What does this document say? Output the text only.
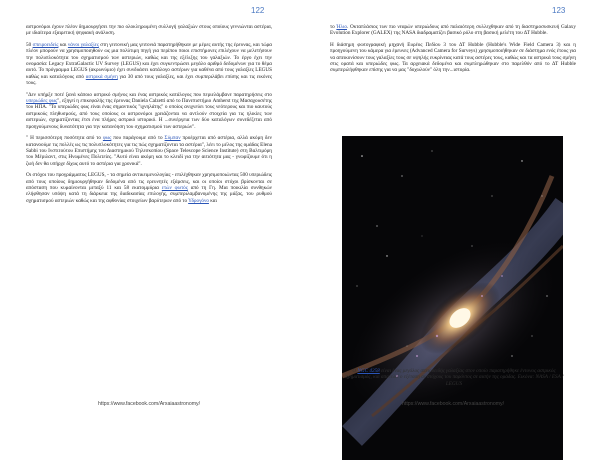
122	123

αστρονόμοι έχουν πλέον δημιουργήσει την πιο ολοκληρωμένη συλλογή γαλαξιών στους οποίους γεννιώνται αστέρια, με ιδιαίτερα εξαιρετική ψηφιακή ανάλυση.

50 σπειροειδείς και νάνοι γαλαξίες στη γειτονική μας γειτονιά παρατηρήθηκαν με μέρες αυτής της έρευνας, και τώρα πλέον μπορούν να χρησιμοποιηθούν ως μια πολύτιμη πηγή για περίπου ποιοι επιστήμονες επιλέχουν να μελετήσουν την πολυπλοκότητα του σχηματισμού των αστεριών, καθώς και της εξέλιξης του γαλαξιών. Το έργο έχει την ονομασία: Legacy ExtraGalactic UV Survey (LEGUS) και έχει συγκεντρώσει μεγάλο αριθμό δεδομένων για το θέμα αυτό. Το πρόγραμμα LEGUS (ακρωνύμιο) έχει συνδυάσει κατάλογο αστέρων για καθένα από τους γαλαξίες LEGUS καθώς και καταλόγους από αστρικά σμήνη για 30 από τους γαλαξίες, και έχει συμπεριλάβει επίσης και τις εικόνες τους.

"Δεν υπήρξε ποτέ ξανά κάποιο αστρικό σμήνος και ένας αστρικός κατάλογος που περιελάμβανε παρατηρήσεις στο υπεριώδες φως", εξηγεί η επικεφαλής της έρευνας Daniela Calzetti από το Πανεπιστήμιο Amherst της Μασαχουσέτης του ΗΠΑ. "Το υπεριώδες φως είναι ένας σημαντικός "ιχνηλάτης" ο οποίος ανιχνεύει τους νεότερους και πιο καυτούς αστρικούς πληθυσμούς, από τους οποίους οι αστρονόμοι χρειάζονται να αντλούν στοιχεία για τις ηλικίες των αστεριών, σχηματίζοντας έτσι ένα πλήρες αστρικό ιστορικό. Η ...συνέργεια των δύο καταλόγων συνεδέζεται από προηγούμενους δυνατότητα για την κατανόηση του σχηματισμού των αστεριών".

" Η περισσότερη ποσότητα από το φως που παράγουμε από το Σύμπαν προέρχεται από αστέρια, αλλά ακόμη δεν κατανοούμε τις πολλές ως τις πολυπλοκότητες για τις πώς σχηματίζονται τα αστέρια", λέει το μέλος της ομάδας Elena Sabbi του Ινστιτούτου Επιστήμης του Διαστημικού Τηλεσκοπίου (Space Telescope Science Institute) στη Βαλτιμόρη του Μέριλαντ, στις Ηνωμένες Πολιτείες. "Αυτό είναι ακόμη και το κλειδί για την αιτιότητα μας - γνωρίζουμε ότι η ζωή δεν θα υπήρχε δίχως αυτό το αστέρια για χρονικά".

Οι στόχοι του προγράμματος LEGUS, - τα σημεία αντικειμενολογίας - επιλέχθηκαν χρησιμοποιώντας 500 υπεριώδεις από τους οποίους δημιουργήθηκαν δεδομένα από τις ερευνητές εξάρσεις, και οι οποίοι στόχοι βρίσκονται σε απόσταση που κυμαίνονται μεταξύ 11 και 58 εκατομμύρια ετών φωτός από τη Γη. Μια ποικιλία συνθηκών ελήφθησαν υπόψη κατά τη διάρκεια της διαδικασίας επιλογής, συμπεριλαμβανομένης της μάζας, του ρυθμού σχηματισμού αστεριών καθώς και της αφθονίας στοιχείων βαρύτερων από το Υδρογόνο και

το Ήλιο. Οκταπλάσιος των πιο νεαρών υπεριώδους από παλαιότερη συλλεχθηκαν από τη διαστημοσυσκευή Galaxy Evolution Explorer (GALEX) της NASA διαδραματίζει βασικό ρόλο στη βασική μελέτη του ΔΤ Hubble.

Η διάσημη φωτογραφική μηχανή Ευρέος Πεδίου 3 του ΔΤ Hubble (Hubble's Wide Field Camera 3) και η προηγούμενη του κάμερα για έρευνες (Advanced Camera for Surveys) χρησιμοποιήθηκαν σε διάστημα ενός έτους για να απεικονίσουν τους γαλαξίες τους σε υψηλής ευκρίνειας κατά τους αστέρες τους, καθώς και τα αστρικά τους σμήνη στις ορατά και υπεριώδες φως. Τα αρχειακά δεδομένα και συμπληρώθηκαν στο παρελθόν από το ΔΤ Hubble συμπεριλήφθηκαν επίσης για να μας "δοχωλούν" όλη την...ιστορία.

Ο NGC 4258 είναι ένας μεγάλος σπειροειδής γαλαξίας στον οποίο παρατηρήθηκε έντονος αστρικός σχηματισμός, και αποτελεί ο εξέταση σε στόχους του παρόντος σε αυτήν της ομάδας. Εικόνα: NASA / ESA / LEGUS
https://www.facebook.com/Arxaiaastronomy/	https://www.facebook.com/Arxaiaastronomy/
